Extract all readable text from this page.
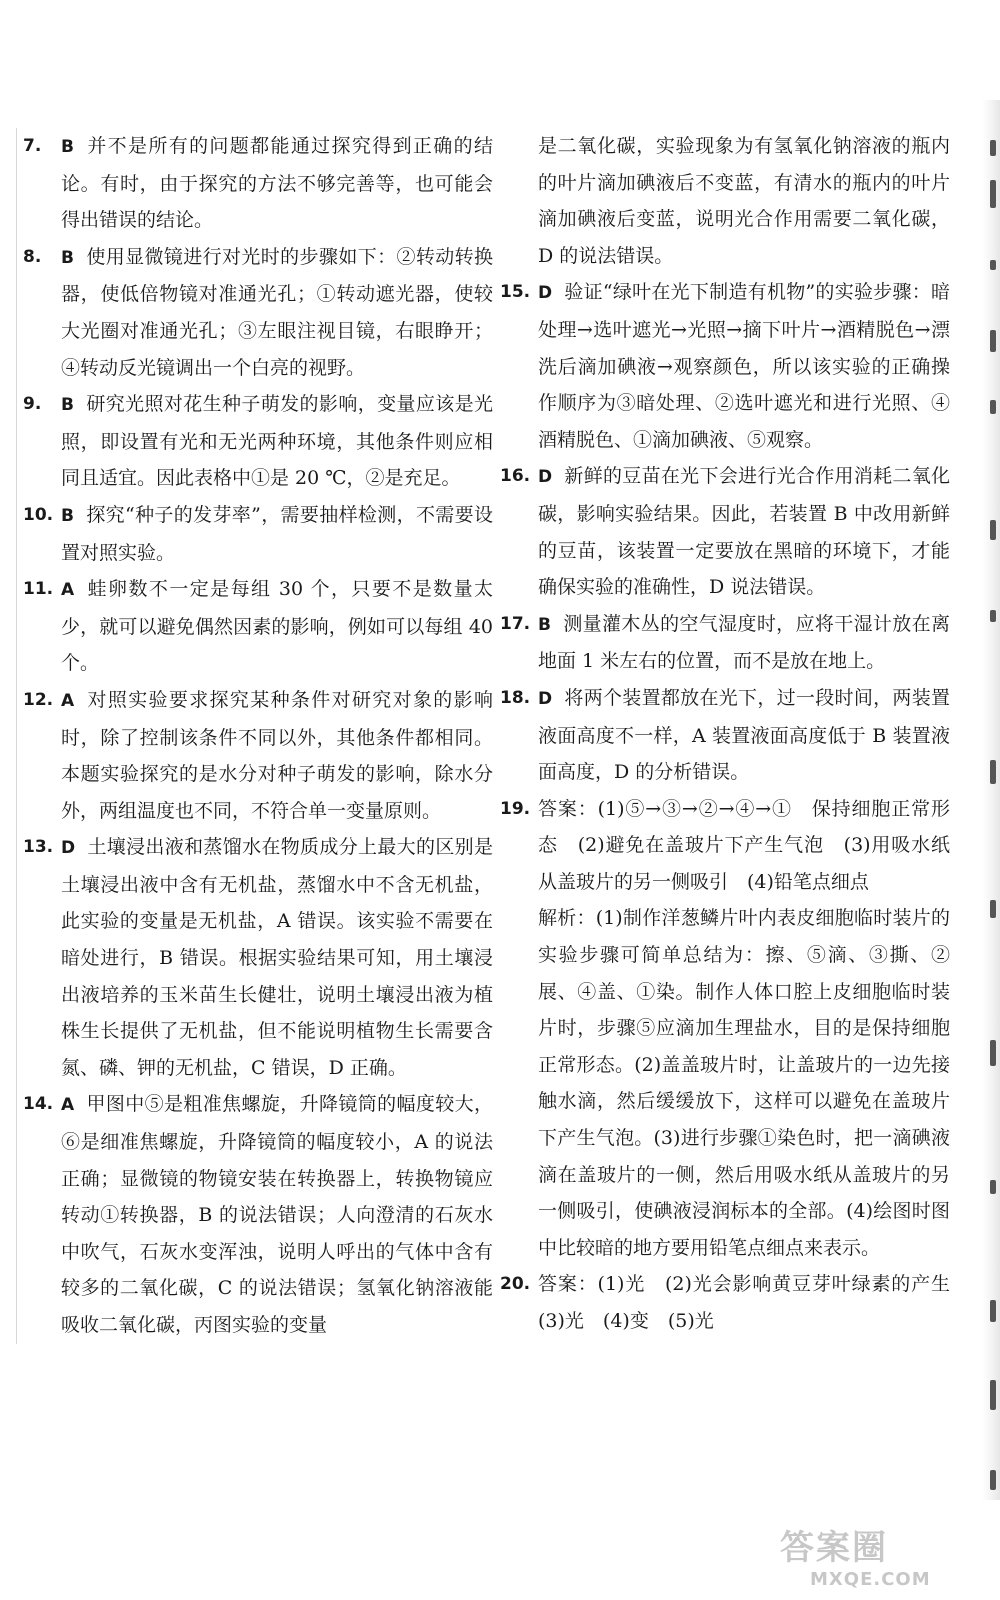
7. B 并不是所有的问题都能通过探究得到正确的结论。有时，由于探究的方法不够完善等，也可能会得出错误的结论。
8. B 使用显微镜进行对光时的步骤如下：②转动转换器，使低倍物镜对准通光孔；①转动遮光器，使较大光圈对准通光孔；③左眼注视目镜，右眼睁开；④转动反光镜调出一个白亮的视野。
9. B 研究光照对花生种子萌发的影响，变量应该是光照，即设置有光和无光两种环境，其他条件则应相同且适宜。因此表格中①是 20 ℃，②是充足。
10. B 探究“种子的发芽率”，需要抽样检测，不需要设置对照实验。
11. A 蛙卵数不一定是每组 30 个，只要不是数量太少，就可以避免偶然因素的影响，例如可以每组 40 个。
12. A 对照实验要求探究某种条件对研究对象的影响时，除了控制该条件不同以外，其他条件都相同。本题实验探究的是水分对种子萌发的影响，除水分外，两组温度也不同，不符合单一变量原则。
13. D 土壤浸出液和蒸馏水在物质成分上最大的区别是土壤浸出液中含有无机盐，蒸馏水中不含无机盐，此实验的变量是无机盐，A 错误。该实验不需要在暗处进行，B 错误。根据实验结果可知，用土壤浸出液培养的玉米苗生长健壮，说明土壤浸出液为植株生长提供了无机盐，但不能说明植物生长需要含氮、磷、钾的无机盐，C 错误，D 正确。
14. A 甲图中⑤是粗准焦螺旋，升降镜筒的幅度较大，⑥是细准焦螺旋，升降镜筒的幅度较小，A 的说法正确；显微镜的物镜安装在转换器上，转换物镜应转动①转换器，B 的说法错误；人向澄清的石灰水中吹气，石灰水变浑浊，说明人呼出的气体中含有较多的二氧化碳，C 的说法错误；氢氧化钠溶液能吸收二氧化碳，丙图实验的变量
是二氧化碳，实验现象为有氢氧化钠溶液的瓶内的叶片滴加碘液后不变蓝，有清水的瓶内的叶片滴加碘液后变蓝，说明光合作用需要二氧化碳，D 的说法错误。
15. D 验证“绿叶在光下制造有机物”的实验步骤：暗处理→选叶遮光→光照→摘下叶片→酒精脱色→漂洗后滴加碘液→观察颜色，所以该实验的正确操作顺序为③暗处理、②选叶遮光和进行光照、④酒精脱色、①滴加碘液、⑤观察。
16. D 新鲜的豆苗在光下会进行光合作用消耗二氧化碳，影响实验结果。因此，若装置 B 中改用新鲜的豆苗，该装置一定要放在黑暗的环境下，才能确保实验的准确性，D 说法错误。
17. B 测量灌木丛的空气湿度时，应将干湿计放在离地面 1 米左右的位置，而不是放在地上。
18. D 将两个装置都放在光下，过一段时间，两装置液面高度不一样，A 装置液面高度低于 B 装置液面高度，D 的分析错误。
19. 答案：(1)⑤→③→②→④→①　保持细胞正常形态　(2)避免在盖玻片下产生气泡　(3)用吸水纸从盖玻片的另一侧吸引　(4)铅笔点细点
解析：(1)制作洋葱鳞片叶内表皮细胞临时装片的实验步骤可简单总结为：擦、⑤滴、③撕、②展、④盖、①染。制作人体口腔上皮细胞临时装片时，步骤⑤应滴加生理盐水，目的是保持细胞正常形态。(2)盖盖玻片时，让盖玻片的一边先接触水滴，然后缓缓放下，这样可以避免在盖玻片下产生气泡。(3)进行步骤①染色时，把一滴碘液滴在盖玻片的一侧，然后用吸水纸从盖玻片的另一侧吸引，使碘液浸润标本的全部。(4)绘图时图中比较暗的地方要用铅笔点细点来表示。
20. 答案：(1)光　(2)光会影响黄豆芽叶绿素的产生　(3)光　(4)变　(5)光
答案圈
MXQE.COM
